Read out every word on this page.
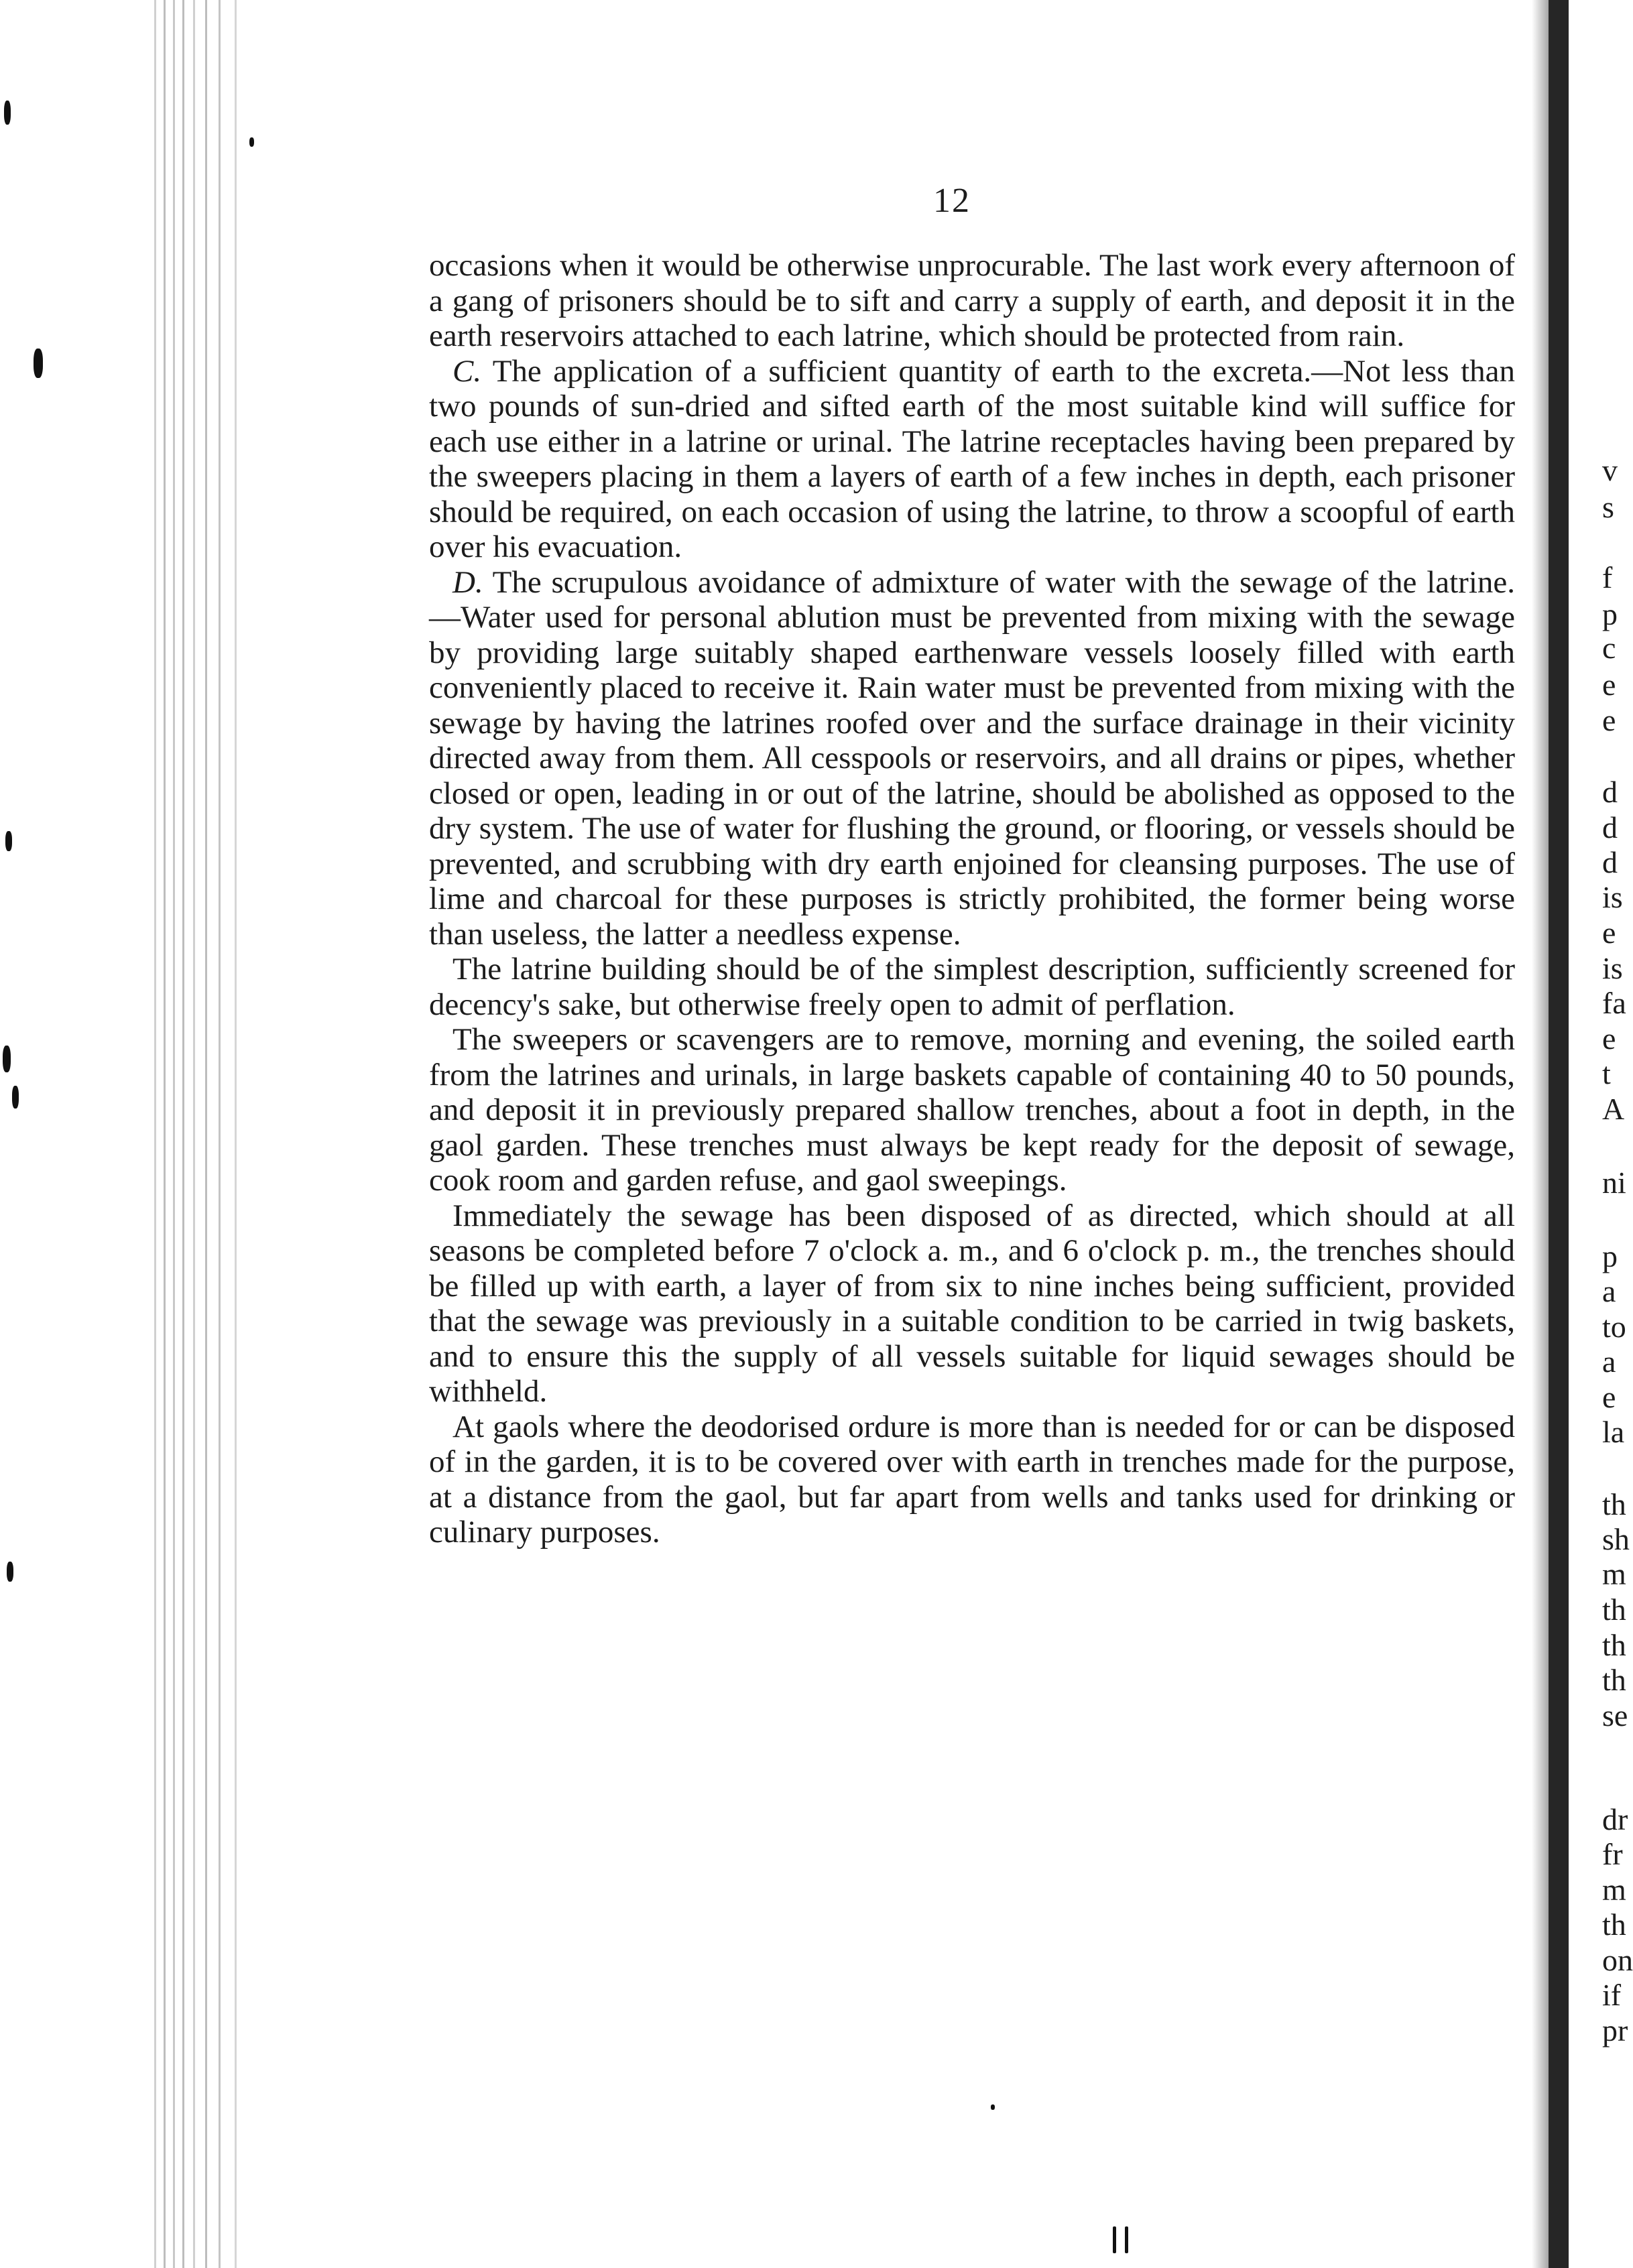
12

occasions when it would be otherwise unprocurable. The last work every afternoon of a gang of prisoners should be to sift and carry a supply of earth, and deposit it in the earth reservoirs attached to each latrine, which should be protected from rain.

C. The application of a sufficient quantity of earth to the excreta.—Not less than two pounds of sun-dried and sifted earth of the most suitable kind will suffice for each use either in a latrine or urinal. The latrine receptacles having been prepared by the sweepers placing in them a layers of earth of a few inches in depth, each prisoner should be required, on each occasion of using the latrine, to throw a scoopful of earth over his evacuation.

D. The scrupulous avoidance of admixture of water with the sewage of the latrine.—Water used for personal ablution must be prevented from mixing with the sewage by providing large suitably shaped earthenware vessels loosely filled with earth conveniently placed to receive it. Rain water must be prevented from mixing with the sewage by having the latrines roofed over and the surface drainage in their vicinity directed away from them. All cesspools or reservoirs, and all drains or pipes, whether closed or open, leading in or out of the latrine, should be abolished as opposed to the dry system. The use of water for flushing the ground, or flooring, or vessels should be prevented, and scrubbing with dry earth enjoined for cleansing purposes. The use of lime and charcoal for these purposes is strictly prohibited, the former being worse than useless, the latter a needless expense.

The latrine building should be of the simplest description, sufficiently screened for decency's sake, but otherwise freely open to admit of perflation.

The sweepers or scavengers are to remove, morning and evening, the soiled earth from the latrines and urinals, in large baskets capable of containing 40 to 50 pounds, and deposit it in previously prepared shallow trenches, about a foot in depth, in the gaol garden. These trenches must always be kept ready for the deposit of sewage, cook room and garden refuse, and gaol sweepings.

Immediately the sewage has been disposed of as directed, which should at all seasons be completed before 7 o'clock a. m., and 6 o'clock p. m., the trenches should be filled up with earth, a layer of from six to nine inches being sufficient, provided that the sewage was previously in a suitable condition to be carried in twig baskets, and to ensure this the supply of all vessels suitable for liquid sewages should be withheld.

At gaols where the deodorised ordure is more than is needed for or can be disposed of in the garden, it is to be covered over with earth in trenches made for the purpose, at a distance from the gaol, but far apart from wells and tanks used for drinking or culinary purposes.

v
s
f
p
c
e
e
d
d
d
is
e
is
fa
e
t
A
ni
p
a
to
a
e
la
th
sh
m
th
th
th
se
dr
fr
m
th
on
if
pr
